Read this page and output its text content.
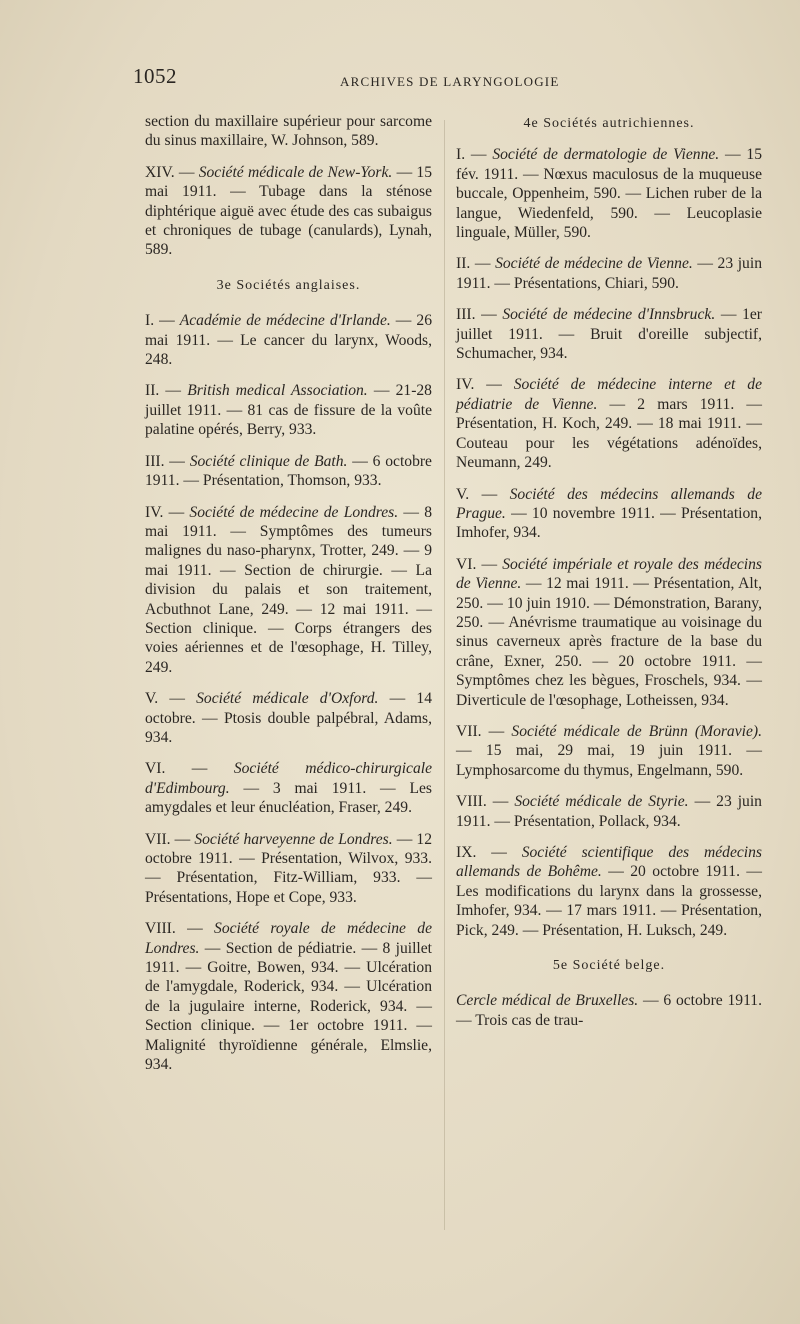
1052	ARCHIVES DE LARYNGOLOGIE

section du maxillaire supérieur pour sarcome du sinus maxillaire, W. Johnson, 589.

XIV. — Société médicale de New-York. — 15 mai 1911. — Tubage dans la sténose diphtérique aiguë avec étude des cas subaigus et chroniques de tubage (canulards), Lynah, 589.

3e Sociétés anglaises.

I. — Académie de médecine d'Irlande. — 26 mai 1911. — Le cancer du larynx, Woods, 248.

II. — British medical Association. — 21-28 juillet 1911. — 81 cas de fissure de la voûte palatine opérés, Berry, 933.

III. — Société clinique de Bath. — 6 octobre 1911. — Présentation, Thomson, 933.

IV. — Société de médecine de Londres. — 8 mai 1911. — Symptômes des tumeurs malignes du naso-pharynx, Trotter, 249. — 9 mai 1911. — Section de chirurgie. — La division du palais et son traitement, Acbuthnot Lane, 249. — 12 mai 1911. — Section clinique. — Corps étrangers des voies aériennes et de l'œsophage, H. Tilley, 249.

V. — Société médicale d'Oxford. — 14 octobre. — Ptosis double palpébral, Adams, 934.

VI. — Société médico-chirurgicale d'Edimbourg. — 3 mai 1911. — Les amygdales et leur énucléation, Fraser, 249.

VII. — Société harveyenne de Londres. — 12 octobre 1911. — Présentation, Wilvox, 933. — Présentation, Fitz-William, 933. — Présentations, Hope et Cope, 933.

VIII. — Société royale de médecine de Londres. — Section de pédiatrie. — 8 juillet 1911. — Goitre, Bowen, 934. — Ulcération de l'amygdale, Roderick, 934. — Ulcération de la jugulaire interne, Roderick, 934. — Section clinique. — 1er octobre 1911. — Malignité thyroïdienne générale, Elmslie, 934.

4e Sociétés autrichiennes.

I. — Société de dermatologie de Vienne. — 15 fév. 1911. — Nœxus maculosus de la muqueuse buccale, Oppenheim, 590. — Lichen ruber de la langue, Wiedenfeld, 590. — Leucoplasie linguale, Müller, 590.

II. — Société de médecine de Vienne. — 23 juin 1911. — Présentations, Chiari, 590.

III. — Société de médecine d'Innsbruck. — 1er juillet 1911. — Bruit d'oreille subjectif, Schumacher, 934.

IV. — Société de médecine interne et de pédiatrie de Vienne. — 2 mars 1911. — Présentation, H. Koch, 249. — 18 mai 1911. — Couteau pour les végétations adénoïdes, Neumann, 249.

V. — Société des médecins allemands de Prague. — 10 novembre 1911. — Présentation, Imhofer, 934.

VI. — Société impériale et royale des médecins de Vienne. — 12 mai 1911. — Présentation, Alt, 250. — 10 juin 1910. — Démonstration, Barany, 250. — Anévrisme traumatique au voisinage du sinus caverneux après fracture de la base du crâne, Exner, 250. — 20 octobre 1911. — Symptômes chez les bègues, Froschels, 934. — Diverticule de l'œsophage, Lotheissen, 934.

VII. — Société médicale de Brünn (Moravie). — 15 mai, 29 mai, 19 juin 1911. — Lymphosarcome du thymus, Engelmann, 590.

VIII. — Société médicale de Styrie. — 23 juin 1911. — Présentation, Pollack, 934.

IX. — Société scientifique des médecins allemands de Bohême. — 20 octobre 1911. — Les modifications du larynx dans la grossesse, Imhofer, 934. — 17 mars 1911. — Présentation, Pick, 249. — Présentation, H. Luksch, 249.

5e Société belge.

Cercle médical de Bruxelles. — 6 octobre 1911. — Trois cas de trau-
